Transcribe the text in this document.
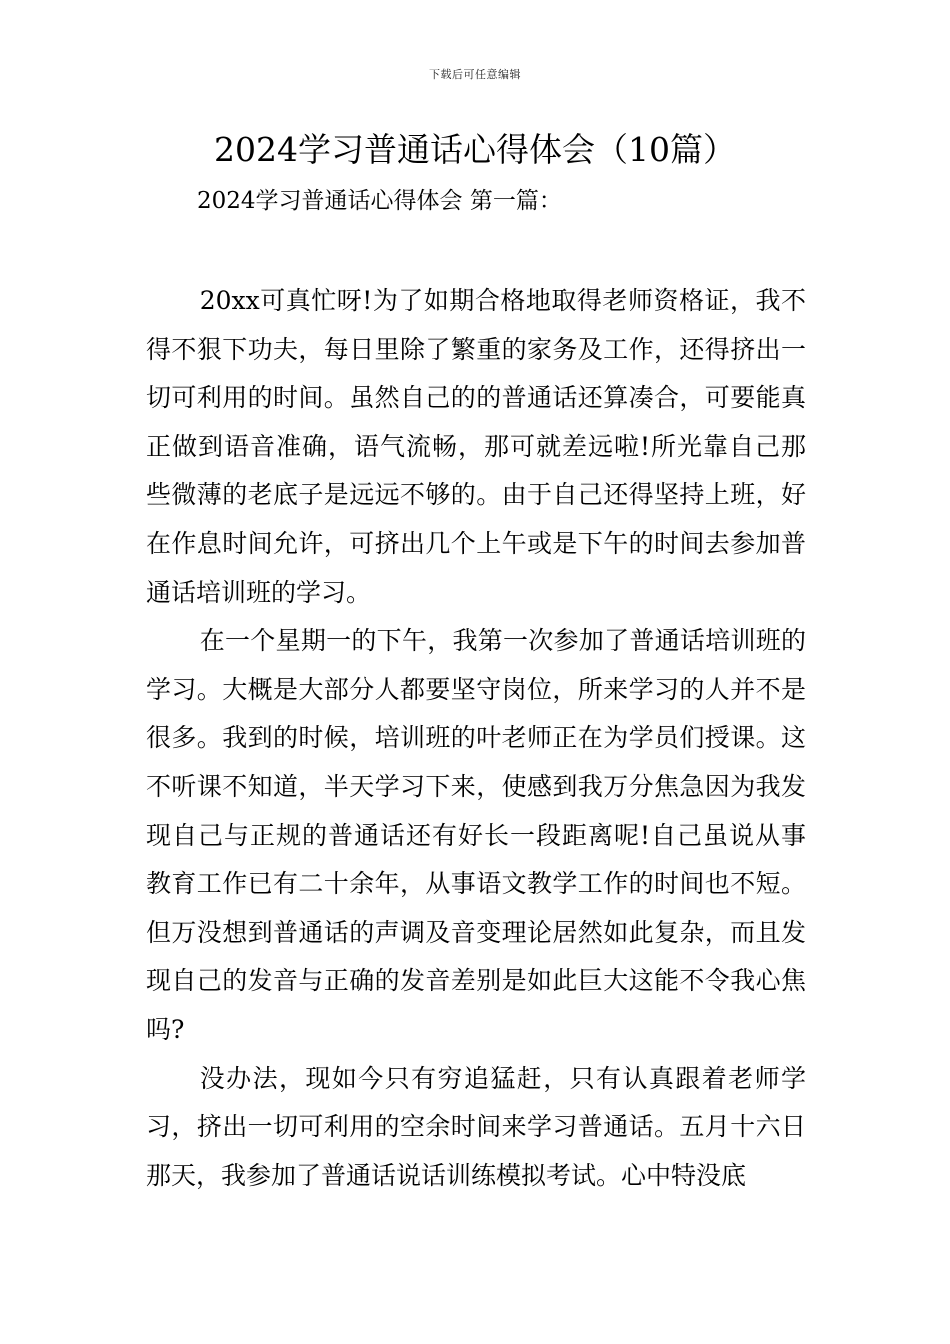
下载后可任意编辑
2024学习普通话心得体会（10篇）
2024学习普通话心得体会 第一篇：

20xx可真忙呀!为了如期合格地取得老师资格证，我不得不狠下功夫，每日里除了繁重的家务及工作，还得挤出一切可利用的时间。虽然自己的的普通话还算凑合，可要能真正做到语音准确，语气流畅，那可就差远啦!所光靠自己那些微薄的老底子是远远不够的。由于自己还得坚持上班，好在作息时间允许，可挤出几个上午或是下午的时间去参加普通话培训班的学习。

在一个星期一的下午，我第一次参加了普通话培训班的学习。大概是大部分人都要坚守岗位，所来学习的人并不是很多。我到的时候，培训班的叶老师正在为学员们授课。这不听课不知道，半天学习下来，使感到我万分焦急因为我发现自己与正规的普通话还有好长一段距离呢!自己虽说从事教育工作已有二十余年，从事语文教学工作的时间也不短。但万没想到普通话的声调及音变理论居然如此复杂，而且发现自己的发音与正确的发音差别是如此巨大这能不令我心焦吗?

没办法，现如今只有穷追猛赶，只有认真跟着老师学习，挤出一切可利用的空余时间来学习普通话。五月十六日那天，我参加了普通话说话训练模拟考试。心中特没底
